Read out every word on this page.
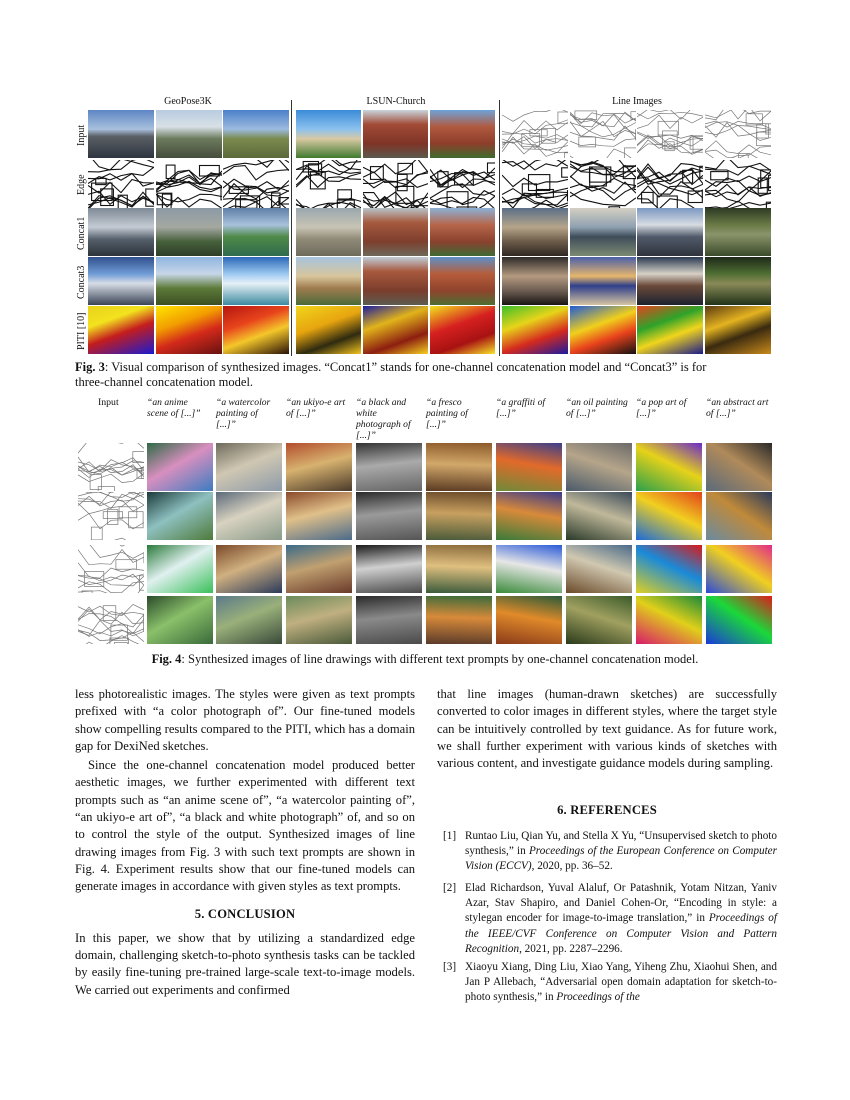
GeoPose3K	LSUN-Church	Line Images
Input
Edge
Concat1
Concat3
PITI [10]
Fig. 3: Visual comparison of synthesized images. “Concat1” stands for one-channel concatenation model and “Concat3” is for
three-channel concatenation model.
Input	“an anime
scene of [...]”
“a watercolor
painting of
[...]”
“an ukiyo-e art
of [...]”
“a black and
white
photograph of
[...]”
“a fresco
painting of
[...]”
“a graffiti of
[...]”
“an oil painting
of [...]”
“a pop art of
[...]”
“an abstract art
of [...]”
Fig. 4: Synthesized images of line drawings with different text prompts by one-channel concatenation model.

less photorealistic images. The styles were given as text prompts prefixed with “a color photograph of”. Our fine-tuned models show compelling results compared to the PITI, which has a domain gap for DexiNed sketches.

Since the one-channel concatenation model produced better aesthetic images, we further experimented with different text prompts such as “an anime scene of”, “a watercolor painting of”, “an ukiyo-e art of”, “a black and white photograph” of, and so on to control the style of the output. Synthesized images of line drawing images from Fig. 3 with such text prompts are shown in Fig. 4. Experiment results show that our fine-tuned models can generate images in accordance with given styles as text prompts.

5. CONCLUSION

In this paper, we show that by utilizing a standardized edge domain, challenging sketch-to-photo synthesis tasks can be tackled by easily fine-tuning pre-trained large-scale text-to-image models. We carried out experiments and confirmed

that line images (human-drawn sketches) are successfully converted to color images in different styles, where the target style can be intuitively controlled by text guidance. As for future work, we shall further experiment with various kinds of sketches with various content, and investigate guidance models during sampling.

6. REFERENCES
[1] Runtao Liu, Qian Yu, and Stella X Yu, “Unsupervised sketch to photo synthesis,” in Proceedings of the European Conference on Computer Vision (ECCV), 2020, pp. 36–52.
[2] Elad Richardson, Yuval Alaluf, Or Patashnik, Yotam Nitzan, Yaniv Azar, Stav Shapiro, and Daniel Cohen-Or, “Encoding in style: a stylegan encoder for image-to-image translation,” in Proceedings of the IEEE/CVF Conference on Computer Vision and Pattern Recognition, 2021, pp. 2287–2296.
[3] Xiaoyu Xiang, Ding Liu, Xiao Yang, Yiheng Zhu, Xiaohui Shen, and Jan P Allebach, “Adversarial open domain adaptation for sketch-to-photo synthesis,” in Proceedings of the
